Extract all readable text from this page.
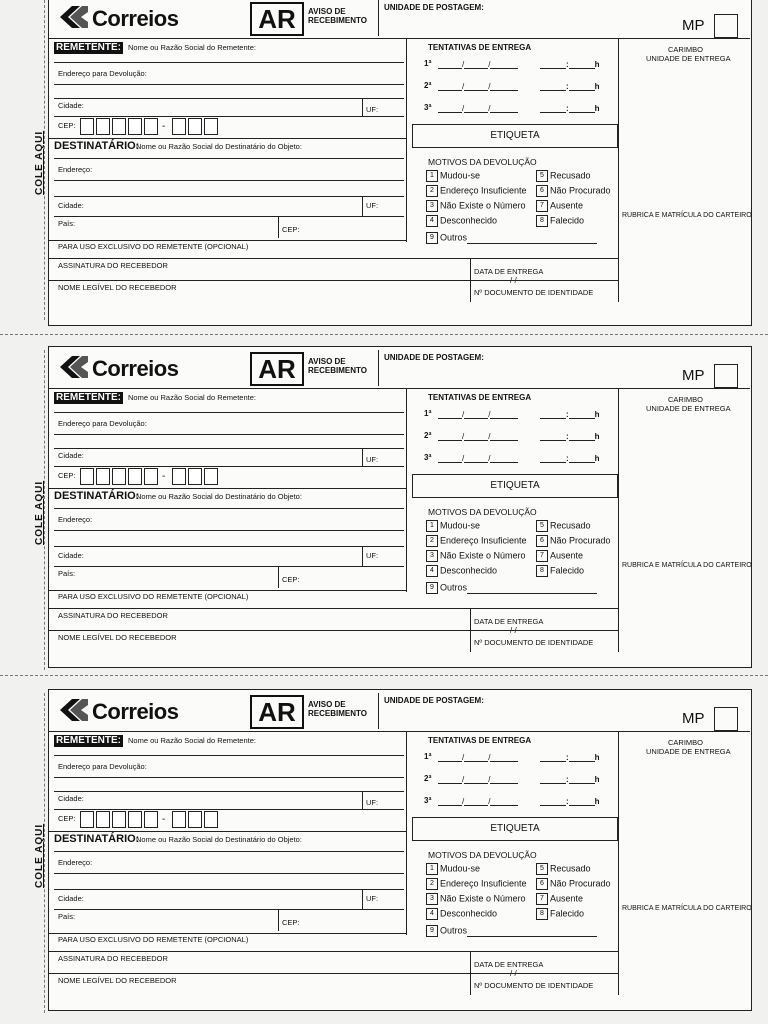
COLE AQUI
Correios	AR	AVISO DE
RECEBIMENTO
UNIDADE DE POSTAGEM:
MP
REMETENTE: Nome ou Razão Social do Remetente:
Endereço para Devolução:
Cidade:	UF:
CEP:	-
DESTINATÁRIO:
Nome ou Razão Social do Destinatário do Objeto:
Endereço:
Cidade:	UF:
País:
CEP:
PARA USO EXCLUSIVO DO REMETENTE (OPCIONAL)
ASSINATURA DO RECEBEDOR
DATA DE ENTREGA
/ /
NOME LEGÍVEL DO RECEBEDOR
Nº DOCUMENTO DE IDENTIDADE
TENTATIVAS DE ENTREGA
1ª	/	/	:	h
2ª	/	/	:	h
3ª	/	/	:	h
ETIQUETA
MOTIVOS DA DEVOLUÇÃO
1 Mudou-se
2 Endereço Insuficiente
3 Não Existe o Número
4 Desconhecido
9 Outros
5 Recusado
6 Não Procurado
7 Ausente
8 Falecido
CARIMBO
UNIDADE DE ENTREGA
RUBRICA E MATRÍCULA DO CARTEIRO
COLE AQUI
Correios	AR	AVISO DE
RECEBIMENTO
UNIDADE DE POSTAGEM:
MP
REMETENTE: Nome ou Razão Social do Remetente:
Endereço para Devolução:
Cidade:	UF:
CEP:	-
DESTINATÁRIO:
Nome ou Razão Social do Destinatário do Objeto:
Endereço:
Cidade:	UF:
País:
CEP:
PARA USO EXCLUSIVO DO REMETENTE (OPCIONAL)
ASSINATURA DO RECEBEDOR
DATA DE ENTREGA
/ /
NOME LEGÍVEL DO RECEBEDOR
Nº DOCUMENTO DE IDENTIDADE
TENTATIVAS DE ENTREGA
1ª	/	/	:	h
2ª	/	/	:	h
3ª	/	/	:	h
ETIQUETA
MOTIVOS DA DEVOLUÇÃO
1 Mudou-se
2 Endereço Insuficiente
3 Não Existe o Número
4 Desconhecido
9 Outros
5 Recusado
6 Não Procurado
7 Ausente
8 Falecido
CARIMBO
UNIDADE DE ENTREGA
RUBRICA E MATRÍCULA DO CARTEIRO
COLE AQUI
Correios	AR	AVISO DE
RECEBIMENTO
UNIDADE DE POSTAGEM:
MP
REMETENTE: Nome ou Razão Social do Remetente:
Endereço para Devolução:
Cidade:	UF:
CEP:	-
DESTINATÁRIO:
Nome ou Razão Social do Destinatário do Objeto:
Endereço:
Cidade:	UF:
País:
CEP:
PARA USO EXCLUSIVO DO REMETENTE (OPCIONAL)
ASSINATURA DO RECEBEDOR
DATA DE ENTREGA
/ /
NOME LEGÍVEL DO RECEBEDOR
Nº DOCUMENTO DE IDENTIDADE
TENTATIVAS DE ENTREGA
1ª	/	/	:	h
2ª	/	/	:	h
3ª	/	/	:	h
ETIQUETA
MOTIVOS DA DEVOLUÇÃO
1 Mudou-se
2 Endereço Insuficiente
3 Não Existe o Número
4 Desconhecido
9 Outros
5 Recusado
6 Não Procurado
7 Ausente
8 Falecido
CARIMBO
UNIDADE DE ENTREGA
RUBRICA E MATRÍCULA DO CARTEIRO
